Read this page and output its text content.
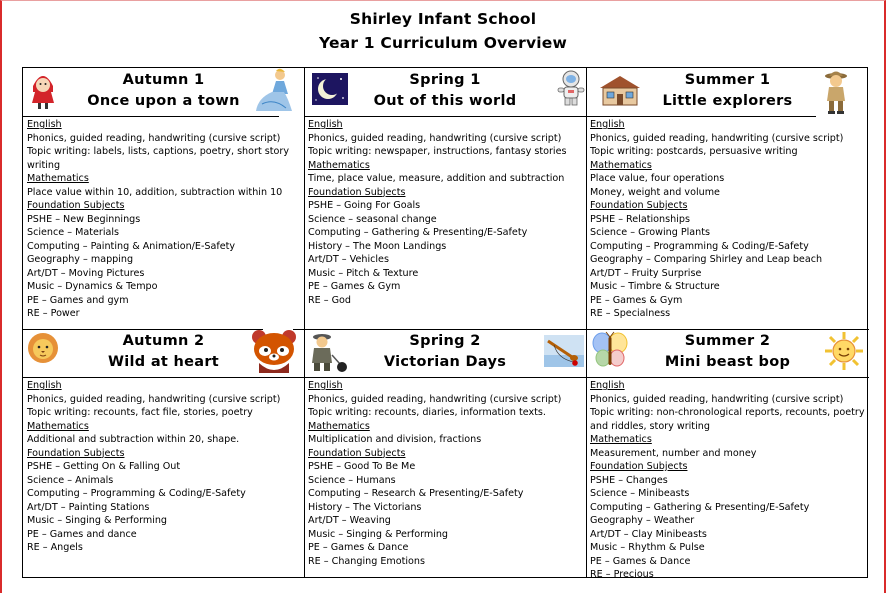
Shirley Infant School
Year 1 Curriculum Overview
Autumn 1
Once upon a town
English
Phonics, guided reading, handwriting (cursive script)
Topic writing: labels, lists, captions, poetry, short story writing
Mathematics
Place value within 10, addition, subtraction within 10
Foundation Subjects
PSHE – New Beginnings
Science – Materials
Computing – Painting & Animation/E-Safety
Geography – mapping
Art/DT – Moving Pictures
Music – Dynamics & Tempo
PE – Games and gym
RE – Power
Spring 1
Out of this world
English
Phonics, guided reading, handwriting (cursive script)
Topic writing: newspaper, instructions, fantasy stories
Mathematics
Time, place value, measure, addition and subtraction
Foundation Subjects
PSHE – Going For Goals
Science – seasonal change
Computing – Gathering & Presenting/E-Safety
History – The Moon Landings
Art/DT – Vehicles
Music – Pitch & Texture
PE – Games & Gym
RE – God
Summer 1
Little explorers
English
Phonics, guided reading, handwriting (cursive script)
Topic writing: postcards, persuasive writing
Mathematics
Place value, four operations
Money, weight and volume
Foundation Subjects
PSHE – Relationships
Science – Growing Plants
Computing – Programming & Coding/E-Safety
Geography – Comparing Shirley and Leap beach
Art/DT – Fruity Surprise
Music – Timbre & Structure
PE – Games & Gym
RE – Specialness
Autumn 2
Wild at heart
English
Phonics, guided reading, handwriting (cursive script)
Topic writing: recounts, fact file, stories, poetry
Mathematics
Additional and subtraction within 20, shape.
Foundation Subjects
PSHE – Getting On & Falling Out
Science – Animals
Computing – Programming & Coding/E-Safety
Art/DT – Painting Stations
Music – Singing & Performing
PE – Games and dance
RE – Angels
Spring 2
Victorian Days
English
Phonics, guided reading, handwriting (cursive script)
Topic writing: recounts, diaries, information texts.
Mathematics
Multiplication and division, fractions
Foundation Subjects
PSHE – Good To Be Me
Science – Humans
Computing – Research & Presenting/E-Safety
History – The Victorians
Art/DT – Weaving
Music – Singing & Performing
PE – Games & Dance
RE – Changing Emotions
Summer 2
Mini beast bop
English
Phonics, guided reading, handwriting (cursive script)
Topic writing: non-chronological reports, recounts, poetry and riddles, story writing
Mathematics
Measurement, number and money
Foundation Subjects
PSHE – Changes
Science – Minibeasts
Computing – Gathering & Presenting/E-Safety
Geography – Weather
Art/DT – Clay Minibeasts
Music – Rhythm & Pulse
PE – Games & Dance
RE – Precious
